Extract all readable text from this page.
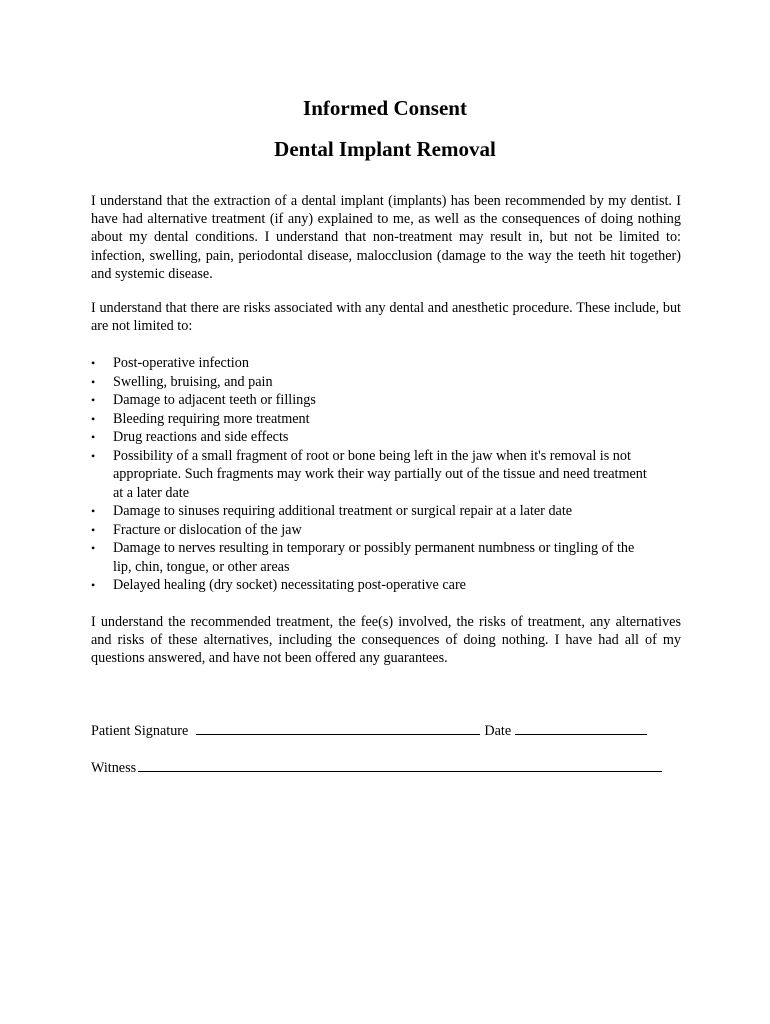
Informed Consent
Dental Implant Removal

I understand that the extraction of a dental implant (implants) has been recommended by my dentist. I have had alternative treatment (if any) explained to me, as well as the consequences of doing nothing about my dental conditions. I understand that non-treatment may result in, but not be limited to: infection, swelling, pain, periodontal disease, malocclusion (damage to the way the teeth hit together) and systemic disease.

I understand that there are risks associated with any dental and anesthetic procedure. These include, but are not limited to:

•	Post-operative infection
•	Swelling, bruising, and pain
•	Damage to adjacent teeth or fillings
•	Bleeding requiring more treatment
•	Drug reactions and side effects
•	Possibility of a small fragment of root or bone being left in the jaw when it's removal is not appropriate. Such fragments may work their way partially out of the tissue and need treatment at a later date
•	Damage to sinuses requiring additional treatment or surgical repair at a later date
•	Fracture or dislocation of the jaw
•	Damage to nerves resulting in temporary or possibly permanent numbness or tingling of the lip, chin, tongue, or other areas
•	Delayed healing (dry socket) necessitating post-operative care

I understand the recommended treatment, the fee(s) involved, the risks of treatment, any alternatives and risks of these alternatives, including the consequences of doing nothing. I have had all of my questions answered, and have not been offered any guarantees.

Patient Signature	Date
Witness
